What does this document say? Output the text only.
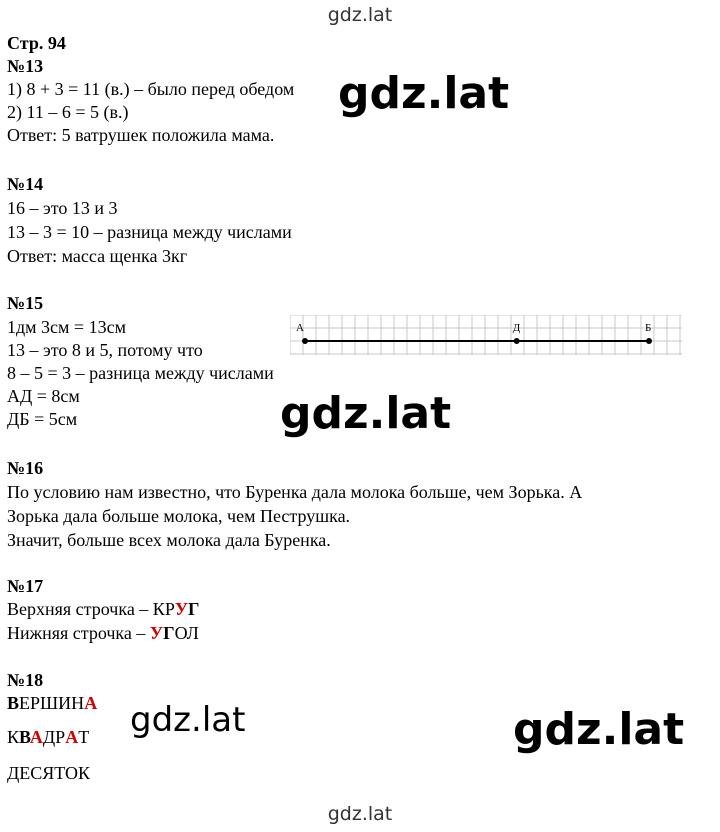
gdz.lat
Стр. 94
№13
1) 8 + 3 = 11 (в.) – было перед обедом
2) 11 – 6 = 5 (в.)
Ответ: 5 ватрушек положила мама.
№14
16 – это 13 и 3
13 – 3 = 10 – разница между числами
Ответ: масса щенка 3кг
№15
1дм 3см = 13см
13 – это 8 и 5, потому что
8 – 5 = 3 – разница между числами
АД = 8см
ДБ = 5см
А	Д	Б
№16
По условию нам известно, что Буренка дала молока больше, чем Зорька. А
Зорька дала больше молока, чем Пеструшка.
Значит, больше всех молока дала Буренка.
№17
Верхняя строчка – КРУГ
Нижняя строчка – УГОЛ
№18
ВЕРШИНА
КВАДРАТ
ДЕСЯТОК
gdz.lat
gdz.lat
gdz.lat	gdz.lat
gdz.lat
